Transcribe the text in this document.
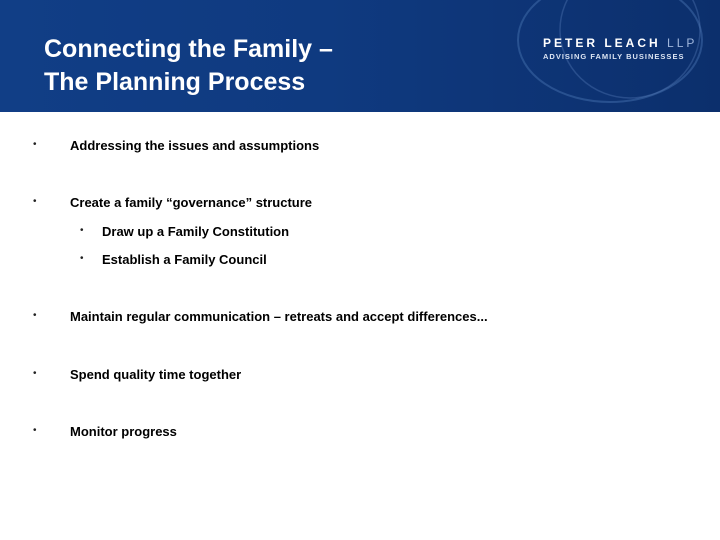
Connecting the Family –
The Planning Process
PETER LEACH LLP
ADVISING FAMILY BUSINESSES
•	Addressing the issues and assumptions
•	Create a family “governance” structure
• Draw up a Family Constitution
• Establish a Family Council
•	Maintain regular communication – retreats and accept differences...
•	Spend quality time together
•	Monitor progress
